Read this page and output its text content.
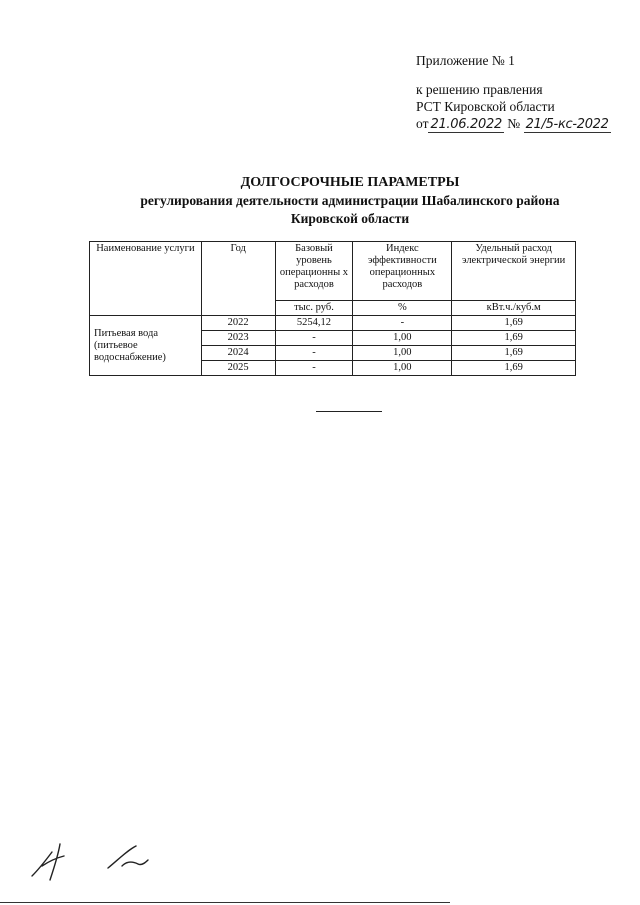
Приложение № 1
к решению правления
РСТ Кировской области
от 21.06.2022 № 21/5-кс-2022
ДОЛГОСРОЧНЫЕ ПАРАМЕТРЫ
регулирования деятельности администрации Шабалинского района
Кировской области
Наименование услуги	Год	Базовый уровень операционны х расходов	Индекс эффективности операционных расходов	Удельный расход электрической энергии
		тыс. руб.	%	кВт.ч./куб.м
Питьевая вода (питьевое водоснабжение)	2022	5254,12	-	1,69
	2023	-	1,00	1,69
	2024	-	1,00	1,69
	2025	-	1,00	1,69
